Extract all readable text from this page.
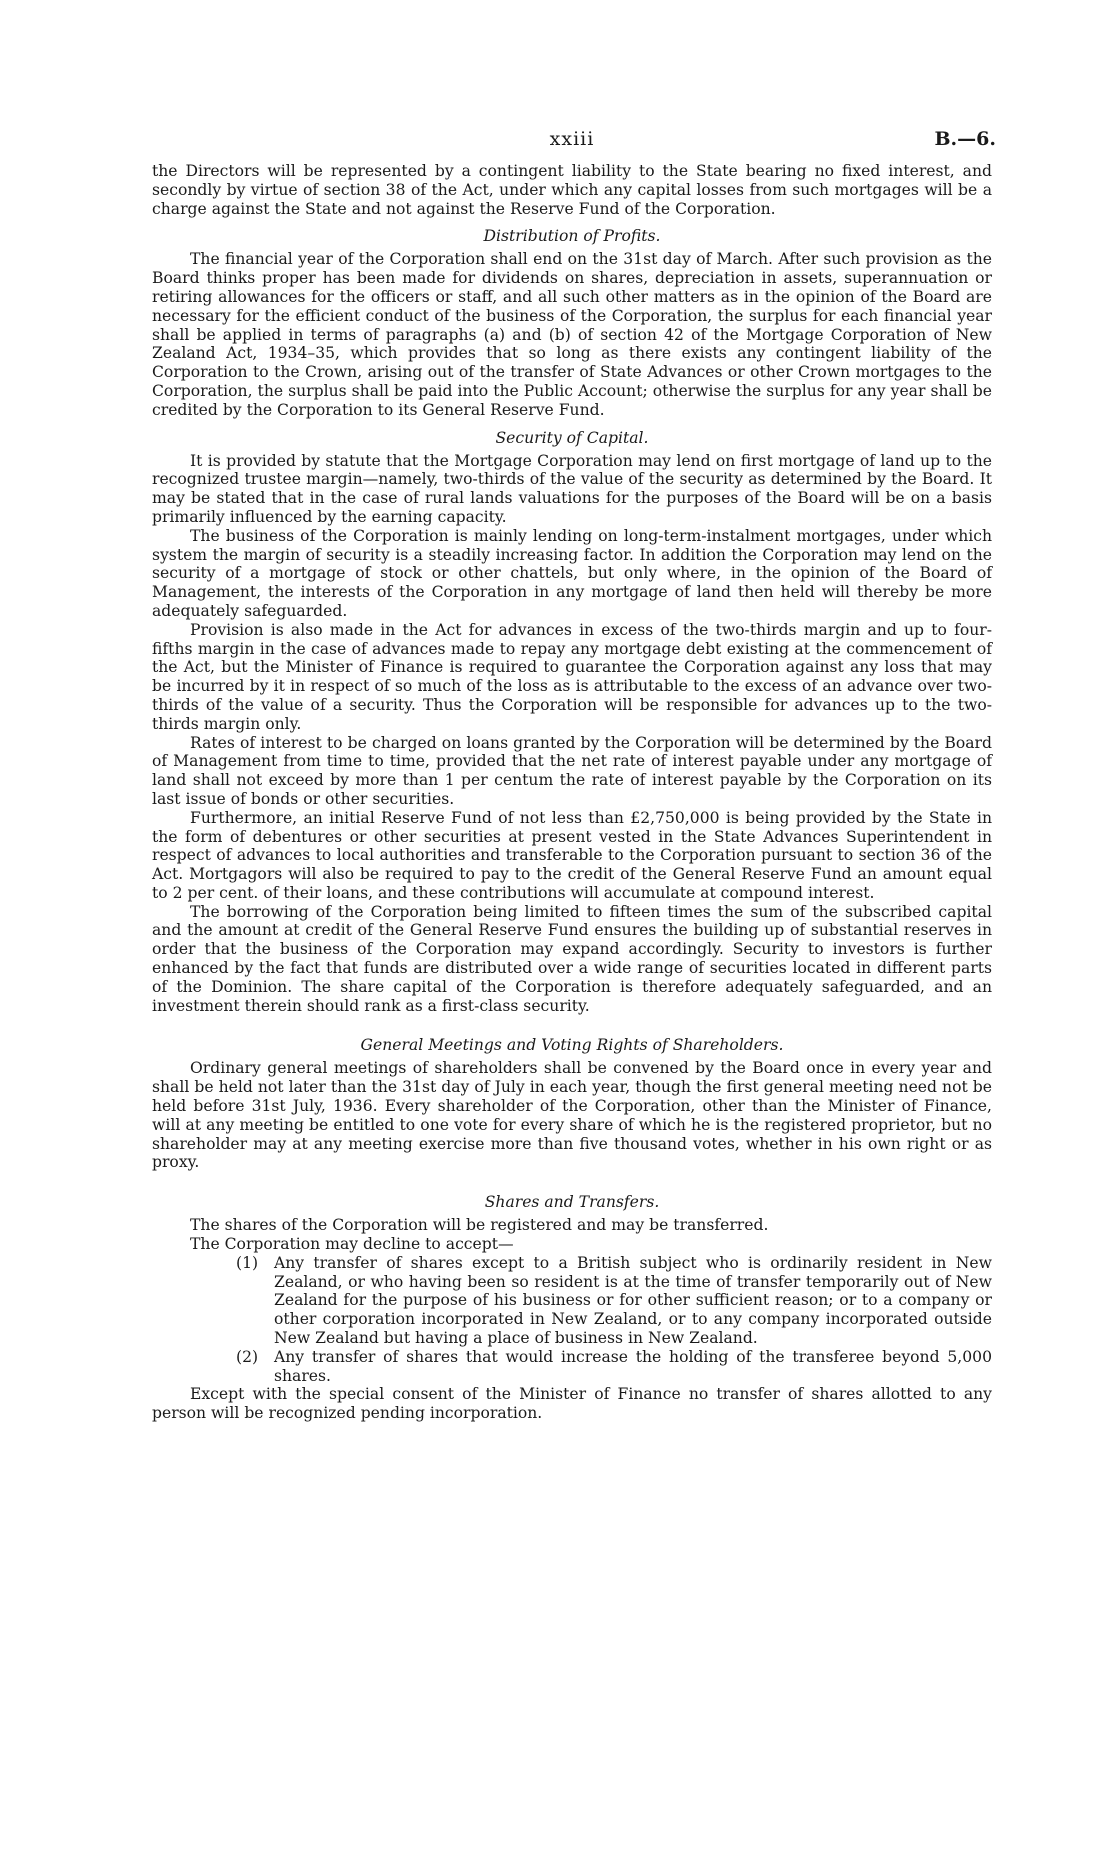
xxiii	B.—6.

the Directors will be represented by a contingent liability to the State bearing no fixed interest, and secondly by virtue of section 38 of the Act, under which any capital losses from such mortgages will be a charge against the State and not against the Reserve Fund of the Corporation.

Distribution of Profits.

The financial year of the Corporation shall end on the 31st day of March. After such provision as the Board thinks proper has been made for dividends on shares, depreciation in assets, superannuation or retiring allowances for the officers or staff, and all such other matters as in the opinion of the Board are necessary for the efficient conduct of the business of the Corporation, the surplus for each financial year shall be applied in terms of paragraphs (a) and (b) of section 42 of the Mortgage Corporation of New Zealand Act, 1934–35, which provides that so long as there exists any contingent liability of the Corporation to the Crown, arising out of the transfer of State Advances or other Crown mortgages to the Corporation, the surplus shall be paid into the Public Account; otherwise the surplus for any year shall be credited by the Corporation to its General Reserve Fund.

Security of Capital.

It is provided by statute that the Mortgage Corporation may lend on first mortgage of land up to the recognized trustee margin—namely, two-thirds of the value of the security as determined by the Board. It may be stated that in the case of rural lands valuations for the purposes of the Board will be on a basis primarily influenced by the earning capacity.

The business of the Corporation is mainly lending on long-term-instalment mortgages, under which system the margin of security is a steadily increasing factor. In addition the Corporation may lend on the security of a mortgage of stock or other chattels, but only where, in the opinion of the Board of Management, the interests of the Corporation in any mortgage of land then held will thereby be more adequately safeguarded.

Provision is also made in the Act for advances in excess of the two-thirds margin and up to four-fifths margin in the case of advances made to repay any mortgage debt existing at the commencement of the Act, but the Minister of Finance is required to guarantee the Corporation against any loss that may be incurred by it in respect of so much of the loss as is attributable to the excess of an advance over two-thirds of the value of a security. Thus the Corporation will be responsible for advances up to the two-thirds margin only.

Rates of interest to be charged on loans granted by the Corporation will be determined by the Board of Management from time to time, provided that the net rate of interest payable under any mortgage of land shall not exceed by more than 1 per centum the rate of interest payable by the Corporation on its last issue of bonds or other securities.

Furthermore, an initial Reserve Fund of not less than £2,750,000 is being provided by the State in the form of debentures or other securities at present vested in the State Advances Superintendent in respect of advances to local authorities and transferable to the Corporation pursuant to section 36 of the Act. Mortgagors will also be required to pay to the credit of the General Reserve Fund an amount equal to 2 per cent. of their loans, and these contributions will accumulate at compound interest.

The borrowing of the Corporation being limited to fifteen times the sum of the subscribed capital and the amount at credit of the General Reserve Fund ensures the building up of substantial reserves in order that the business of the Corporation may expand accordingly. Security to investors is further enhanced by the fact that funds are distributed over a wide range of securities located in different parts of the Dominion. The share capital of the Corporation is therefore adequately safeguarded, and an investment therein should rank as a first-class security.

General Meetings and Voting Rights of Shareholders.

Ordinary general meetings of shareholders shall be convened by the Board once in every year and shall be held not later than the 31st day of July in each year, though the first general meeting need not be held before 31st July, 1936. Every shareholder of the Corporation, other than the Minister of Finance, will at any meeting be entitled to one vote for every share of which he is the registered proprietor, but no shareholder may at any meeting exercise more than five thousand votes, whether in his own right or as proxy.

Shares and Transfers.
The shares of the Corporation will be registered and may be transferred.
The Corporation may decline to accept—
(1)	Any transfer of shares except to a British subject who is ordinarily resident in New Zealand, or who having been so resident is at the time of transfer temporarily out of New Zealand for the purpose of his business or for other sufficient reason; or to a company or other corporation incorporated in New Zealand, or to any company incorporated outside New Zealand but having a place of business in New Zealand.
(2)	Any transfer of shares that would increase the holding of the transferee beyond 5,000 shares.

Except with the special consent of the Minister of Finance no transfer of shares allotted to any person will be recognized pending incorporation.
